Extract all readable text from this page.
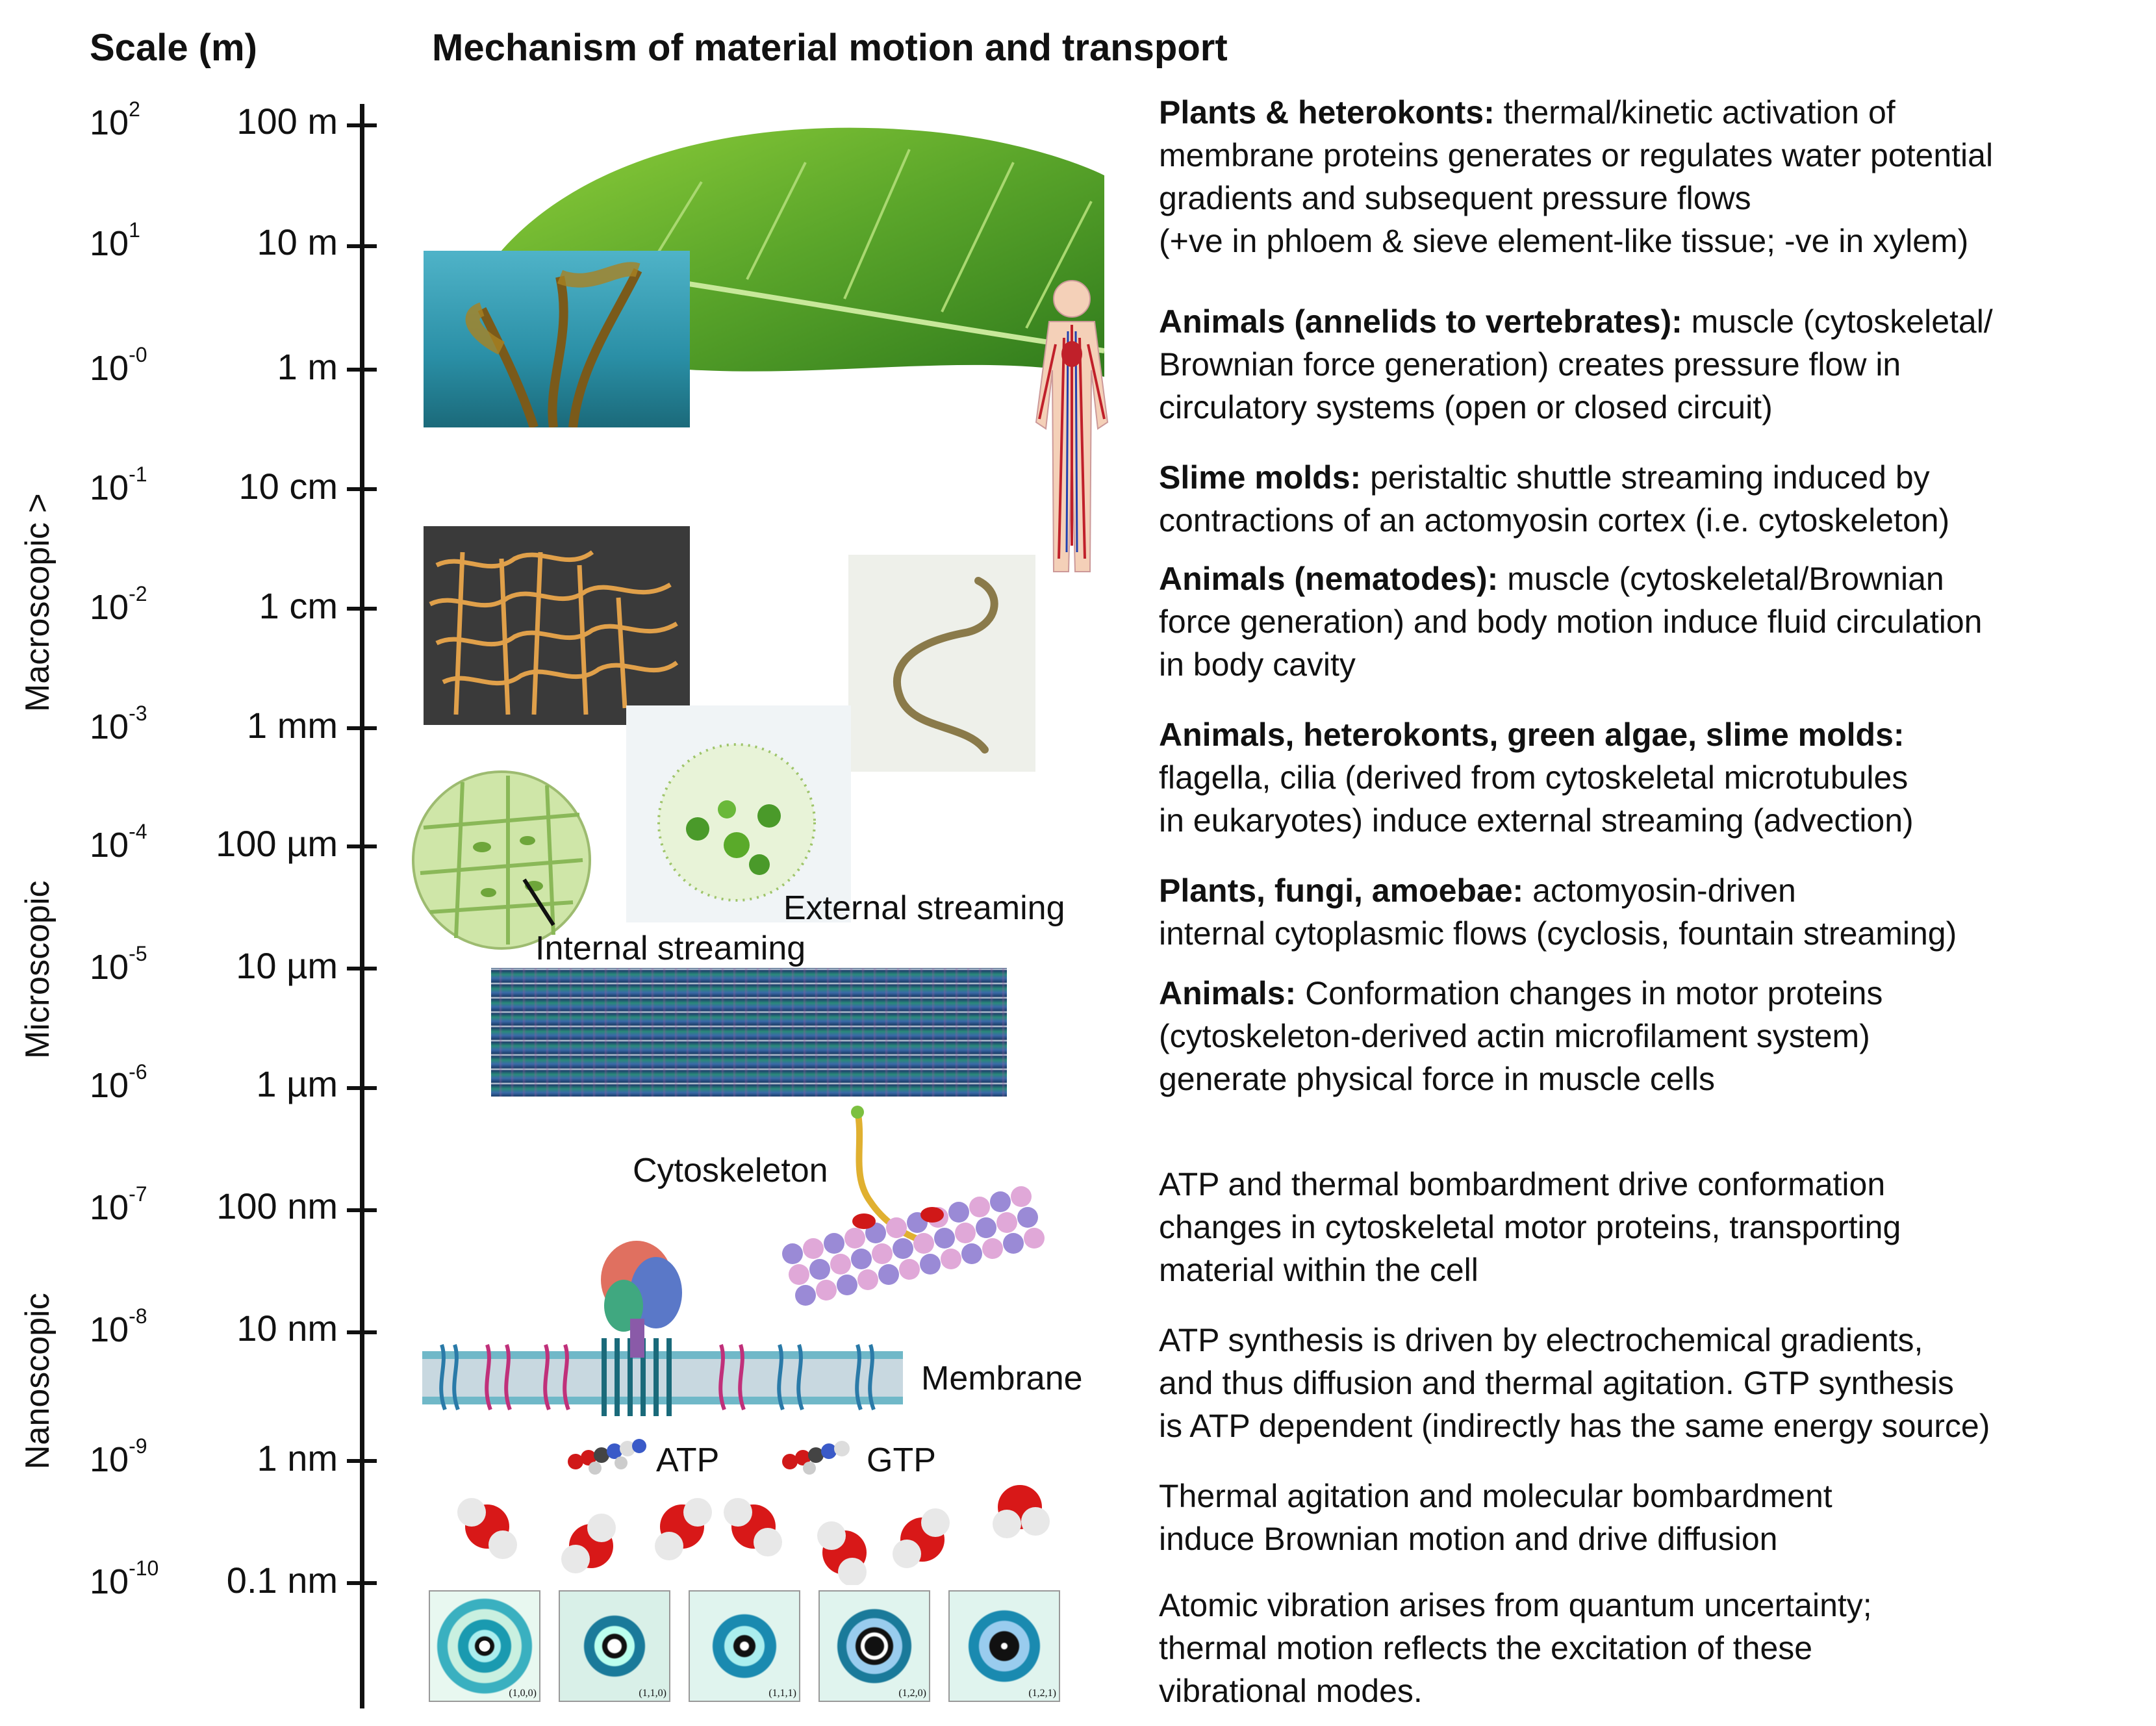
Scale (m)	Mechanism of material motion and transport
$10^2$	100 m
$10^1$	10 m
$10^{-0}$	1 m
$10^{-1}$	10 cm
$10^{-2}$	1 cm
$10^{-3}$	1 mm
$10^{-4}$	100 µm
$10^{-5}$	10 µm
$10^{-6}$	1 µm
$10^{-7}$	100 nm
$10^{-8}$	10 nm
$10^{-9}$	1 nm
$10^{-10}$	0.1 nm
Macroscopic >
Microscopic
Nanoscopic
External streaming
Internal streaming
Cytoskeleton
Membrane
ATP	GTP
(1,0,0)	(1,1,0)	(1,1,1)	(1,2,0)	(1,2,1)
Plants & heterokonts: thermal/kinetic activation of
membrane proteins generates or regulates water potential
gradients and subsequent pressure flows
(+ve in phloem & sieve element-like tissue; -ve in xylem)
Animals (annelids to vertebrates): muscle (cytoskeletal/
Brownian force generation) creates pressure flow in
circulatory systems (open or closed circuit)
Slime molds: peristaltic shuttle streaming induced by
contractions of an actomyosin cortex (i.e. cytoskeleton)
Animals (nematodes): muscle (cytoskeletal/Brownian
force generation) and body motion induce fluid circulation
in body cavity
Animals, heterokonts, green algae, slime molds:
flagella, cilia (derived from cytoskeletal microtubules
in eukaryotes) induce external streaming (advection)
Plants, fungi, amoebae: actomyosin-driven
internal cytoplasmic flows (cyclosis, fountain streaming)
Animals: Conformation changes in motor proteins
(cytoskeleton-derived actin microfilament system)
generate physical force in muscle cells
ATP and thermal bombardment drive conformation
changes in cytoskeletal motor proteins, transporting
material within the cell
ATP synthesis is driven by electrochemical gradients,
and thus diffusion and thermal agitation. GTP synthesis
is ATP dependent (indirectly has the same energy source)
Thermal agitation and molecular bombardment
induce Brownian motion and drive diffusion
Atomic vibration arises from quantum uncertainty;
thermal motion reflects the excitation of these
vibrational modes.
